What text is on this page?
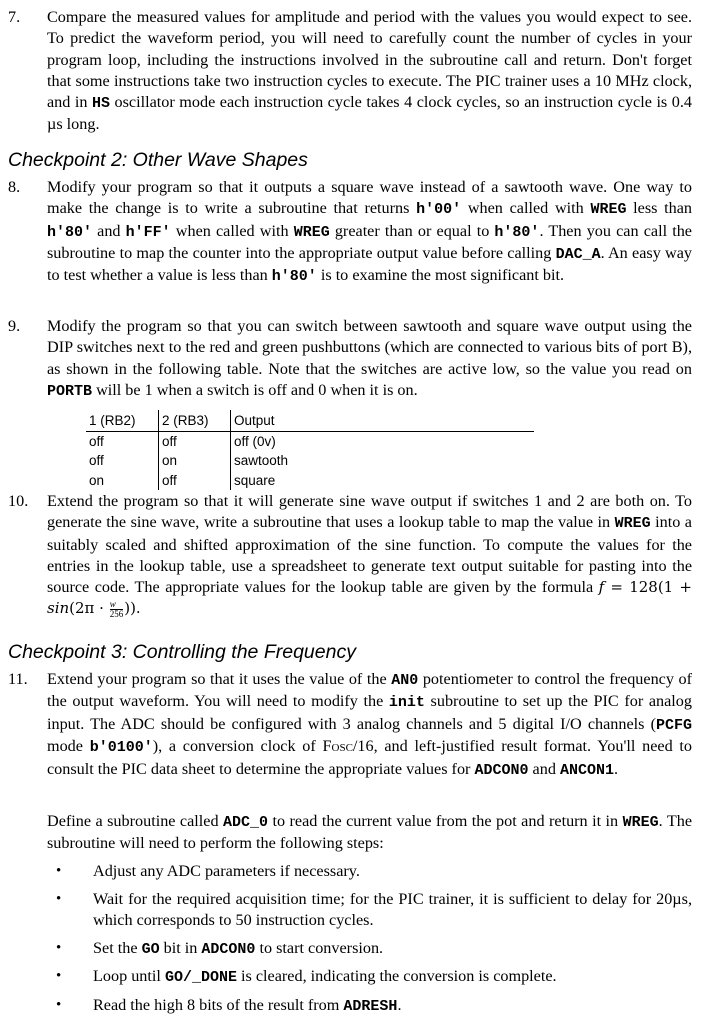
7. Compare the measured values for amplitude and period with the values you would expect to see. To predict the waveform period, you will need to carefully count the number of cycles in your program loop, including the instructions involved in the subroutine call and return. Don't forget that some instructions take two instruction cycles to execute. The PIC trainer uses a 10 MHz clock, and in HS oscillator mode each instruction cycle takes 4 clock cycles, so an instruction cycle is 0.4 µs long.
Checkpoint 2: Other Wave Shapes
8. Modify your program so that it outputs a square wave instead of a sawtooth wave. One way to make the change is to write a subroutine that returns h'00' when called with WREG less than h'80' and h'FF' when called with WREG greater than or equal to h'80'. Then you can call the subroutine to map the counter into the appropriate output value before calling DAC_A. An easy way to test whether a value is less than h'80' is to examine the most significant bit.
9. Modify the program so that you can switch between sawtooth and square wave output using the DIP switches next to the red and green pushbuttons (which are connected to various bits of port B), as shown in the following table. Note that the switches are active low, so the value you read on PORTB will be 1 when a switch is off and 0 when it is on.
1 (RB2)	2 (RB3)	Output
off	off	off (0v)
off	on	sawtooth
on	off	square
10. Extend the program so that it will generate sine wave output if switches 1 and 2 are both on. To generate the sine wave, write a subroutine that uses a lookup table to map the value in WREG into a suitably scaled and shifted approximation of the sine function. To compute the values for the entries in the lookup table, use a spreadsheet to generate text output suitable for pasting into the source code. The appropriate values for the lookup table are given by the formula $f = 128(1 + \sin(2\pi \cdot \frac{w}{256}$ )).
Checkpoint 3: Controlling the Frequency
11. Extend your program so that it uses the value of the AN0 potentiometer to control the frequency of the output waveform. You will need to modify the init subroutine to set up the PIC for analog input. The ADC should be configured with 3 analog channels and 5 digital I/O channels (PCFG mode b'0100'), a conversion clock of FOSC/16, and left-justified result format. You'll need to consult the PIC data sheet to determine the appropriate values for ADCON0 and ANCON1.
Define a subroutine called ADC_0 to read the current value from the pot and return it in WREG. The subroutine will need to perform the following steps:
• Adjust any ADC parameters if necessary.
• Wait for the required acquisition time; for the PIC trainer, it is sufficient to delay for 20µs, which corresponds to 50 instruction cycles.
• Set the GO bit in ADCON0 to start conversion.
• Loop until GO/_DONE is cleared, indicating the conversion is complete.
• Read the high 8 bits of the result from ADRESH.
